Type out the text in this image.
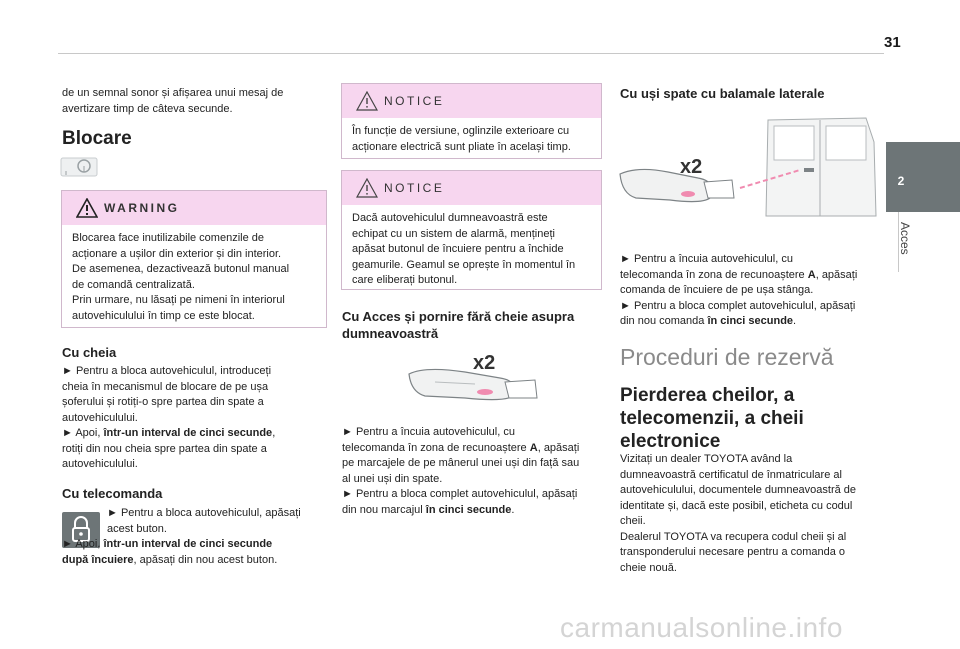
31
2
Acces
de un semnal sonor și afișarea unui mesaj de avertizare timp de câteva secunde.
Blocare
WARNING
Blocarea face inutilizabile comenzile de
acționare a ușilor din exterior și din interior.
De asemenea, dezactivează butonul manual
de comandă centralizată.
Prin urmare, nu lăsați pe nimeni în interiorul
autovehiculului în timp ce este blocat.
Cu cheia
► Pentru a bloca autovehiculul, introduceți
cheia în mecanismul de blocare de pe ușa
șoferului și rotiți-o spre partea din spate a
autovehiculului.
► Apoi, într-un interval de cinci secunde,
rotiți din nou cheia spre partea din spate a
autovehiculului.
Cu telecomanda
► Pentru a bloca autovehiculul, apăsați
acest buton.
► Apoi, într-un interval de cinci secunde
după încuiere, apăsați din nou acest buton.
NOTICE
În funcție de versiune, oglinzile exterioare cu
acționare electrică sunt pliate în același timp.
NOTICE
Dacă autovehiculul dumneavoastră este
echipat cu un sistem de alarmă, mențineți
apăsat butonul de încuiere pentru a închide
geamurile. Geamul se oprește în momentul în
care eliberați butonul.
Cu Acces și pornire fără cheie asupra
dumneavoastră
x2
► Pentru a încuia autovehiculul, cu
telecomanda în zona de recunoaștere A, apăsați
pe marcajele de pe mânerul unei uși din față sau
al unei uși din spate.
► Pentru a bloca complet autovehiculul, apăsați
din nou marcajul în cinci secunde.
Cu uși spate cu balamale laterale
x2
► Pentru a încuia autovehiculul, cu
telecomanda în zona de recunoaștere A, apăsați
comanda de încuiere de pe ușa stânga.
► Pentru a bloca complet autovehiculul, apăsați
din nou comanda în cinci secunde.
Proceduri de rezervă
Pierderea cheilor, a
telecomenzii, a cheii
electronice
Vizitați un dealer TOYOTA având la
dumneavoastră certificatul de înmatriculare al
autovehiculului, documentele dumneavoastră de
identitate și, dacă este posibil, eticheta cu codul
cheii.
Dealerul TOYOTA va recupera codul cheii și al
transponderului necesare pentru a comanda o
cheie nouă.
carmanualsonline.info
